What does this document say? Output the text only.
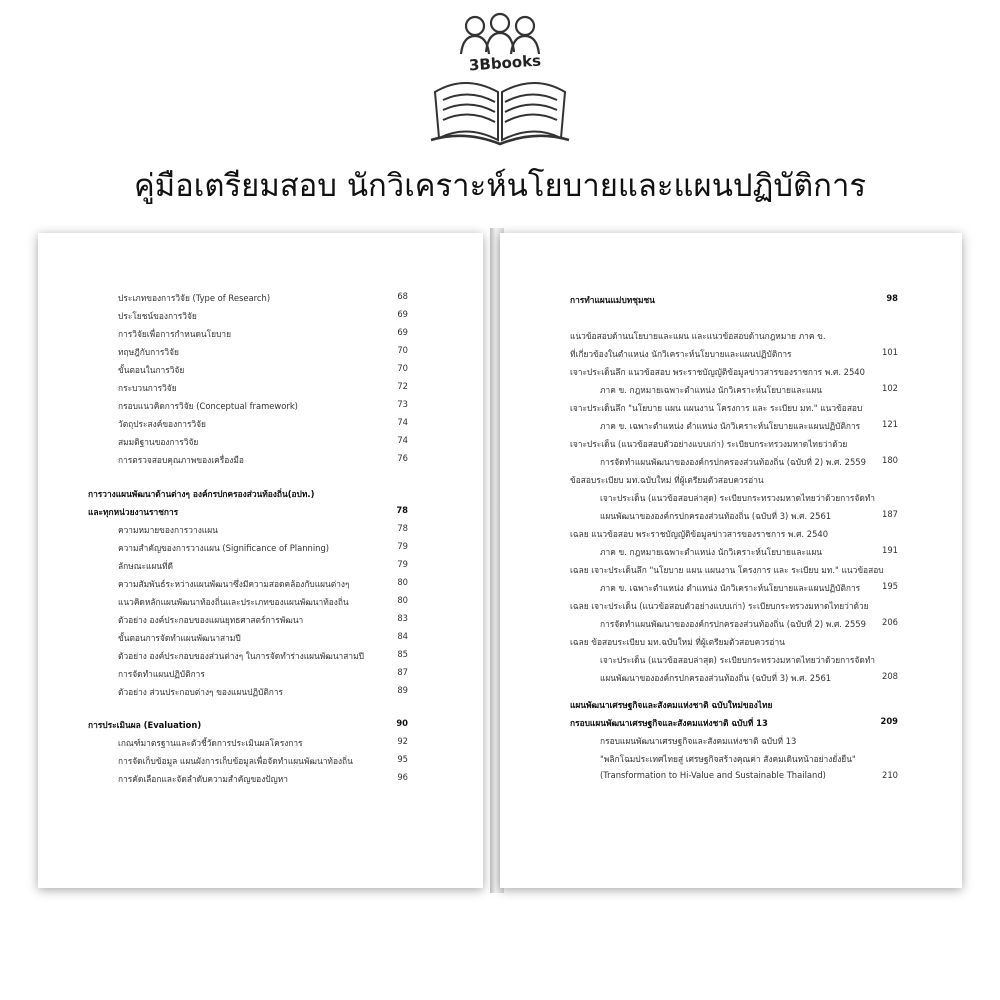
3Bbooks
คู่มือเตรียมสอบ นักวิเคราะห์นโยบายและแผนปฏิบัติการ
ประเภทของการวิจัย (Type of Research)	68
ประโยชน์ของการวิจัย	69
การวิจัยเพื่อการกำหนดนโยบาย	69
ทฤษฎีกับการวิจัย	70
ขั้นตอนในการวิจัย	70
กระบวนการวิจัย	72
กรอบแนวคิดการวิจัย (Conceptual framework)	73
วัตถุประสงค์ของการวิจัย	74
สมมติฐานของการวิจัย	74
การตรวจสอบคุณภาพของเครื่องมือ	76
การวางแผนพัฒนาด้านต่างๆ องค์กรปกครองส่วนท้องถิ่น(อปท.)
และทุกหน่วยงานราชการ	78
ความหมายของการวางแผน	78
ความสำคัญของการวางแผน (Significance of Planning)	79
ลักษณะแผนที่ดี	79
ความสัมพันธ์ระหว่างแผนพัฒนาซึ่งมีความสอดคล้องกับแผนต่างๆ	80
แนวคิดหลักแผนพัฒนาท้องถิ่นและประเภทของแผนพัฒนาท้องถิ่น	80
ตัวอย่าง องค์ประกอบของแผนยุทธศาสตร์การพัฒนา	83
ขั้นตอนการจัดทำแผนพัฒนาสามปี	84
ตัวอย่าง องค์ประกอบของส่วนต่างๆ ในการจัดทำร่างแผนพัฒนาสามปี	85
การจัดทำแผนปฏิบัติการ	87
ตัวอย่าง ส่วนประกอบต่างๆ ของแผนปฏิบัติการ	89
การประเมินผล (Evaluation)	90
เกณฑ์มาตรฐานและตัวชี้วัดการประเมินผลโครงการ	92
การจัดเก็บข้อมูล แผนผังการเก็บข้อมูลเพื่อจัดทำแผนพัฒนาท้องถิ่น	95
การคัดเลือกและจัดลำดับความสำคัญของปัญหา	96
การทำแผนแม่บทชุมชน	98
แนวข้อสอบด้านนโยบายและแผน และแนวข้อสอบด้านกฎหมาย ภาค ข.
ที่เกี่ยวข้องในตำแหน่ง นักวิเคราะห์นโยบายและแผนปฏิบัติการ	101
เจาะประเด็นลึก แนวข้อสอบ พระราชบัญญัติข้อมูลข่าวสารของราชการ พ.ศ. 2540
ภาค ข. กฎหมายเฉพาะตำแหน่ง นักวิเคราะห์นโยบายและแผน	102
เจาะประเด็นลึก "นโยบาย แผน แผนงาน โครงการ และ ระเบียบ มท." แนวข้อสอบ
ภาค ข. เฉพาะตำแหน่ง ตำแหน่ง นักวิเคราะห์นโยบายและแผนปฏิบัติการ	121
เจาะประเด็น (แนวข้อสอบตัวอย่างแบบเก่า) ระเบียบกระทรวงมหาดไทยว่าด้วย
การจัดทำแผนพัฒนาขององค์กรปกครองส่วนท้องถิ่น (ฉบับที่ 2) พ.ศ. 2559	180
ข้อสอบระเบียบ มท.ฉบับใหม่ ที่ผู้เตรียมตัวสอบควรอ่าน
เจาะประเด็น (แนวข้อสอบล่าสุด) ระเบียบกระทรวงมหาดไทยว่าด้วยการจัดทำ
แผนพัฒนาขององค์กรปกครองส่วนท้องถิ่น (ฉบับที่ 3) พ.ศ. 2561	187
เฉลย แนวข้อสอบ พระราชบัญญัติข้อมูลข่าวสารของราชการ พ.ศ. 2540
ภาค ข. กฎหมายเฉพาะตำแหน่ง นักวิเคราะห์นโยบายและแผน	191
เฉลย เจาะประเด็นลึก "นโยบาย แผน แผนงาน โครงการ และ ระเบียบ มท." แนวข้อสอบ
ภาค ข. เฉพาะตำแหน่ง ตำแหน่ง นักวิเคราะห์นโยบายและแผนปฏิบัติการ	195
เฉลย เจาะประเด็น (แนวข้อสอบตัวอย่างแบบเก่า) ระเบียบกระทรวงมหาดไทยว่าด้วย
การจัดทำแผนพัฒนาขององค์กรปกครองส่วนท้องถิ่น (ฉบับที่ 2) พ.ศ. 2559	206
เฉลย ข้อสอบระเบียบ มท.ฉบับใหม่ ที่ผู้เตรียมตัวสอบควรอ่าน
เจาะประเด็น (แนวข้อสอบล่าสุด) ระเบียบกระทรวงมหาดไทยว่าด้วยการจัดทำ
แผนพัฒนาขององค์กรปกครองส่วนท้องถิ่น (ฉบับที่ 3) พ.ศ. 2561	208
แผนพัฒนาเศรษฐกิจและสังคมแห่งชาติ ฉบับใหม่ของไทย
กรอบแผนพัฒนาเศรษฐกิจและสังคมแห่งชาติ ฉบับที่ 13	209
กรอบแผนพัฒนาเศรษฐกิจและสังคมแห่งชาติ ฉบับที่ 13
"พลิกโฉมประเทศไทยสู่ เศรษฐกิจสร้างคุณค่า สังคมเดินหน้าอย่างยั่งยืน"
(Transformation to Hi-Value and Sustainable Thailand)	210
